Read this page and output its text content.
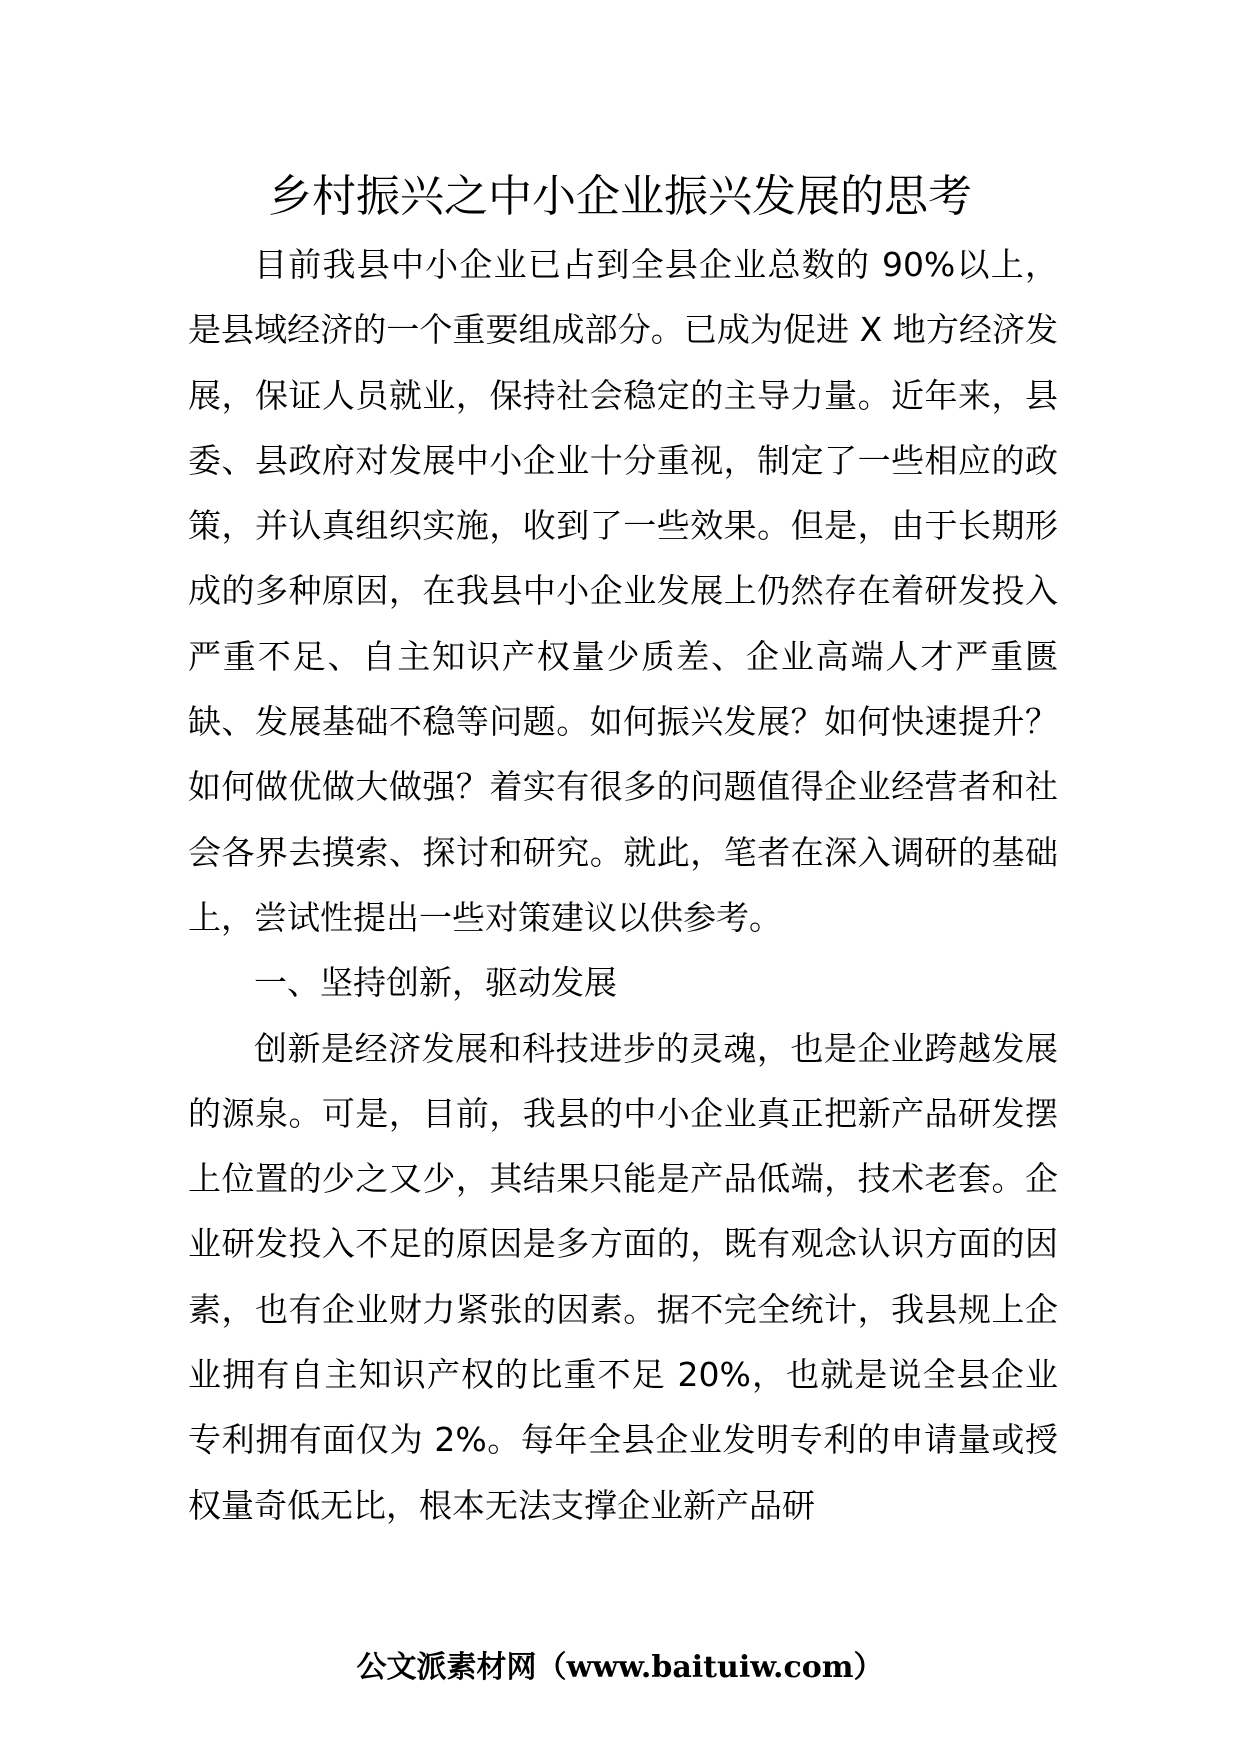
乡村振兴之中小企业振兴发展的思考

目前我县中小企业已占到全县企业总数的 90%以上，是县域经济的一个重要组成部分。已成为促进 X 地方经济发展，保证人员就业，保持社会稳定的主导力量。近年来，县委、县政府对发展中小企业十分重视，制定了一些相应的政策，并认真组织实施，收到了一些效果。但是，由于长期形成的多种原因，在我县中小企业发展上仍然存在着研发投入严重不足、自主知识产权量少质差、企业高端人才严重匮缺、发展基础不稳等问题。如何振兴发展？如何快速提升？如何做优做大做强？着实有很多的问题值得企业经营者和社会各界去摸索、探讨和研究。就此，笔者在深入调研的基础上，尝试性提出一些对策建议以供参考。

一、坚持创新，驱动发展

创新是经济发展和科技进步的灵魂，也是企业跨越发展的源泉。可是，目前，我县的中小企业真正把新产品研发摆上位置的少之又少，其结果只能是产品低端，技术老套。企业研发投入不足的原因是多方面的，既有观念认识方面的因素，也有企业财力紧张的因素。据不完全统计，我县规上企业拥有自主知识产权的比重不足 20%，也就是说全县企业专利拥有面仅为 2%。每年全县企业发明专利的申请量或授权量奇低无比，根本无法支撑企业新产品研

公文派素材网（www.baituiw.com）
